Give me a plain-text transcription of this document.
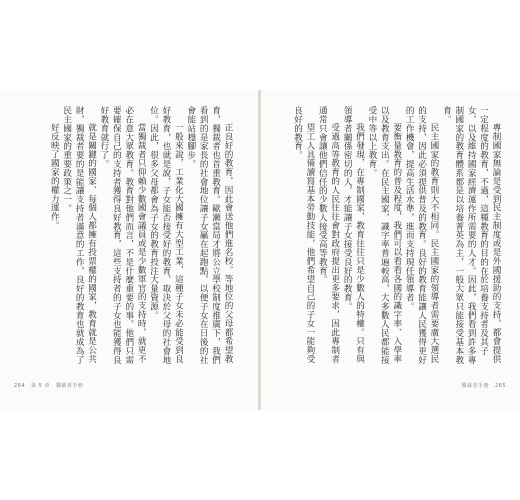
正良好的教育，因此會送他們進名校。等地位的父母都希望教育，獨裁者也首重教育。歐瀬當局才將公立學校制度推廣下，我們看到的是家長的社會地位讓子女贏在起跑點，以便子女在日後的社會能站穩腳步。

一般來說，工業化大國擁有大型工業，這種子女未必能受到良好教育，也就是說，子女能否接受好的教育，取決於父母的社會地位。因此，很多父母都會為子女的教育投注大量資源。

當獨裁者只仰賴少數國會議員或是少數軍官的支持時，就更不必在意大眾教育。教育對他們而言，不是什麼重要的事。他們只需要確保自己的支持者獲得良好教育，這些支持者的子女也能獲得良好教育就行了。

就是關鍵的國家、每個人都擁有投票權的國家，教育就是公共財，獨裁者要的是能讓支持者滿意的工作，良好的教育也就成為了民主國家的重要政策之一。

好反映了國家的權力運作。	專制國家無論是受到民主制度或是外國援助的支持，都會提供一定程度的教育，不過，這種教育的目的在於培養支持者及其子女，以及維持國家經濟運作所需要的人才。因此，我們看到許多專制國家的教育體系都是以培養菁英為主，一般大眾只能接受基本教育。

民主國家的教育則大不相同。民主國家的領導者需要廣大選民的支持，因此必須提供普及的教育。良好的教育能讓人民獲得更好的工作機會，提高生活水準，進而支持現任領導者。

要衡量教育的普及程度，我們可以看看各國的識字率、入學率以及教育支出。在民主國家，識字率普遍較高，大多數人民都能接受中等以上教育。

我們發現，在專制國家，教育往往只是少數人的特權。只有與領導者關係密切的人，才能讓子女接受良好的教育。

受過高等教育的人民往往會對政府提出更多要求，因此專制者通常只會讓他們信任的少數人接受高等教育。

望工人具備讀寫基本勞動技能，他們希望自己的子女一能夠受良好的教育。

264 第 5 章 獨裁者手冊	獨裁者手冊 265
